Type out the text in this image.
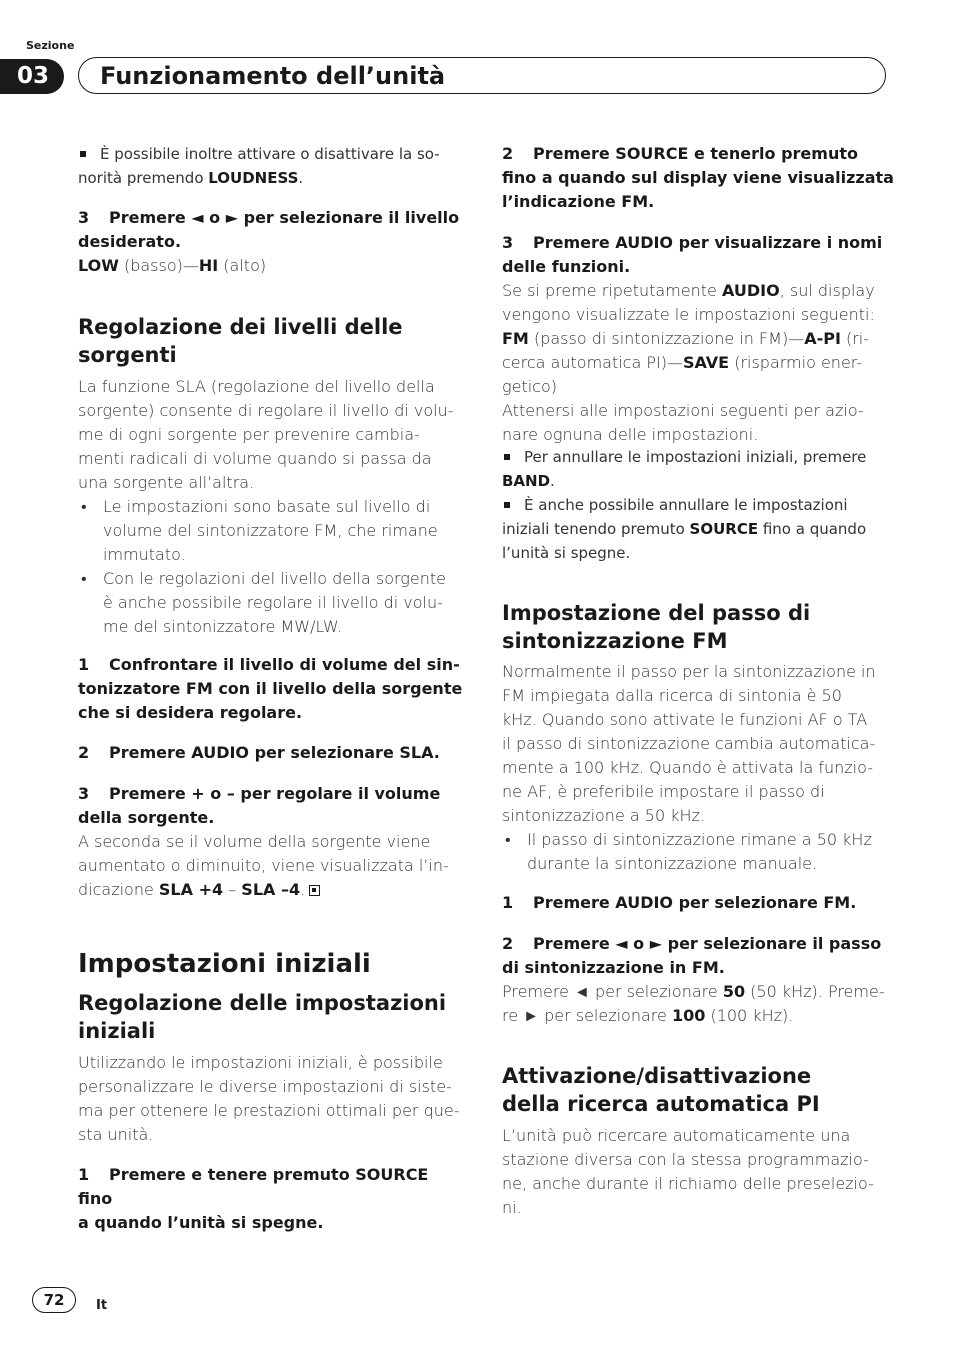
Sezione
03	Funzionamento dell’unità

È possibile inoltre attivare o disattivare la so-

norità premendo LOUDNESS.

3 Premere ◄ o ► per selezionare il livello

desiderato.

LOW (basso)—HI (alto)

Regolazione dei livelli delle

sorgenti

La funzione SLA (regolazione del livello della

sorgente) consente di regolare il livello di volu-

me di ogni sorgente per prevenire cambia-

menti radicali di volume quando si passa da

una sorgente all’altra.

• Le impostazioni sono basate sul livello di

volume del sintonizzatore FM, che rimane

immutato.

• Con le regolazioni del livello della sorgente

è anche possibile regolare il livello di volu-

me del sintonizzatore MW/LW.

1 Confrontare il livello di volume del sin-

tonizzatore FM con il livello della sorgente

che si desidera regolare.

2 Premere AUDIO per selezionare SLA.

3 Premere + o – per regolare il volume

della sorgente.

A seconda se il volume della sorgente viene

aumentato o diminuito, viene visualizzata l’in-

dicazione SLA +4 – SLA –4.

Impostazioni iniziali

Regolazione delle impostazioni

iniziali

Utilizzando le impostazioni iniziali, è possibile

personalizzare le diverse impostazioni di siste-

ma per ottenere le prestazioni ottimali per que-

sta unità.

1 Premere e tenere premuto SOURCE fino

a quando l’unità si spegne.

2 Premere SOURCE e tenerlo premuto

fino a quando sul display viene visualizzata

l’indicazione FM.

3 Premere AUDIO per visualizzare i nomi

delle funzioni.

Se si preme ripetutamente AUDIO, sul display

vengono visualizzate le impostazioni seguenti:

FM (passo di sintonizzazione in FM)—A-PI (ri-

cerca automatica PI)—SAVE (risparmio ener-

getico)

Attenersi alle impostazioni seguenti per azio-

nare ognuna delle impostazioni.

Per annullare le impostazioni iniziali, premere

BAND.

È anche possibile annullare le impostazioni

iniziali tenendo premuto SOURCE fino a quando

l’unità si spegne.

Impostazione del passo di

sintonizzazione FM

Normalmente il passo per la sintonizzazione in

FM impiegata dalla ricerca di sintonia è 50

kHz. Quando sono attivate le funzioni AF o TA

il passo di sintonizzazione cambia automatica-

mente a 100 kHz. Quando è attivata la funzio-

ne AF, è preferibile impostare il passo di

sintonizzazione a 50 kHz.

• Il passo di sintonizzazione rimane a 50 kHz

durante la sintonizzazione manuale.

1 Premere AUDIO per selezionare FM.

2 Premere ◄ o ► per selezionare il passo

di sintonizzazione in FM.

Premere ◄ per selezionare 50 (50 kHz). Preme-

re ► per selezionare 100 (100 kHz).

Attivazione/disattivazione

della ricerca automatica PI

L’unità può ricercare automaticamente una

stazione diversa con la stessa programmazio-

ne, anche durante il richiamo delle preselezio-

ni.

72	It
